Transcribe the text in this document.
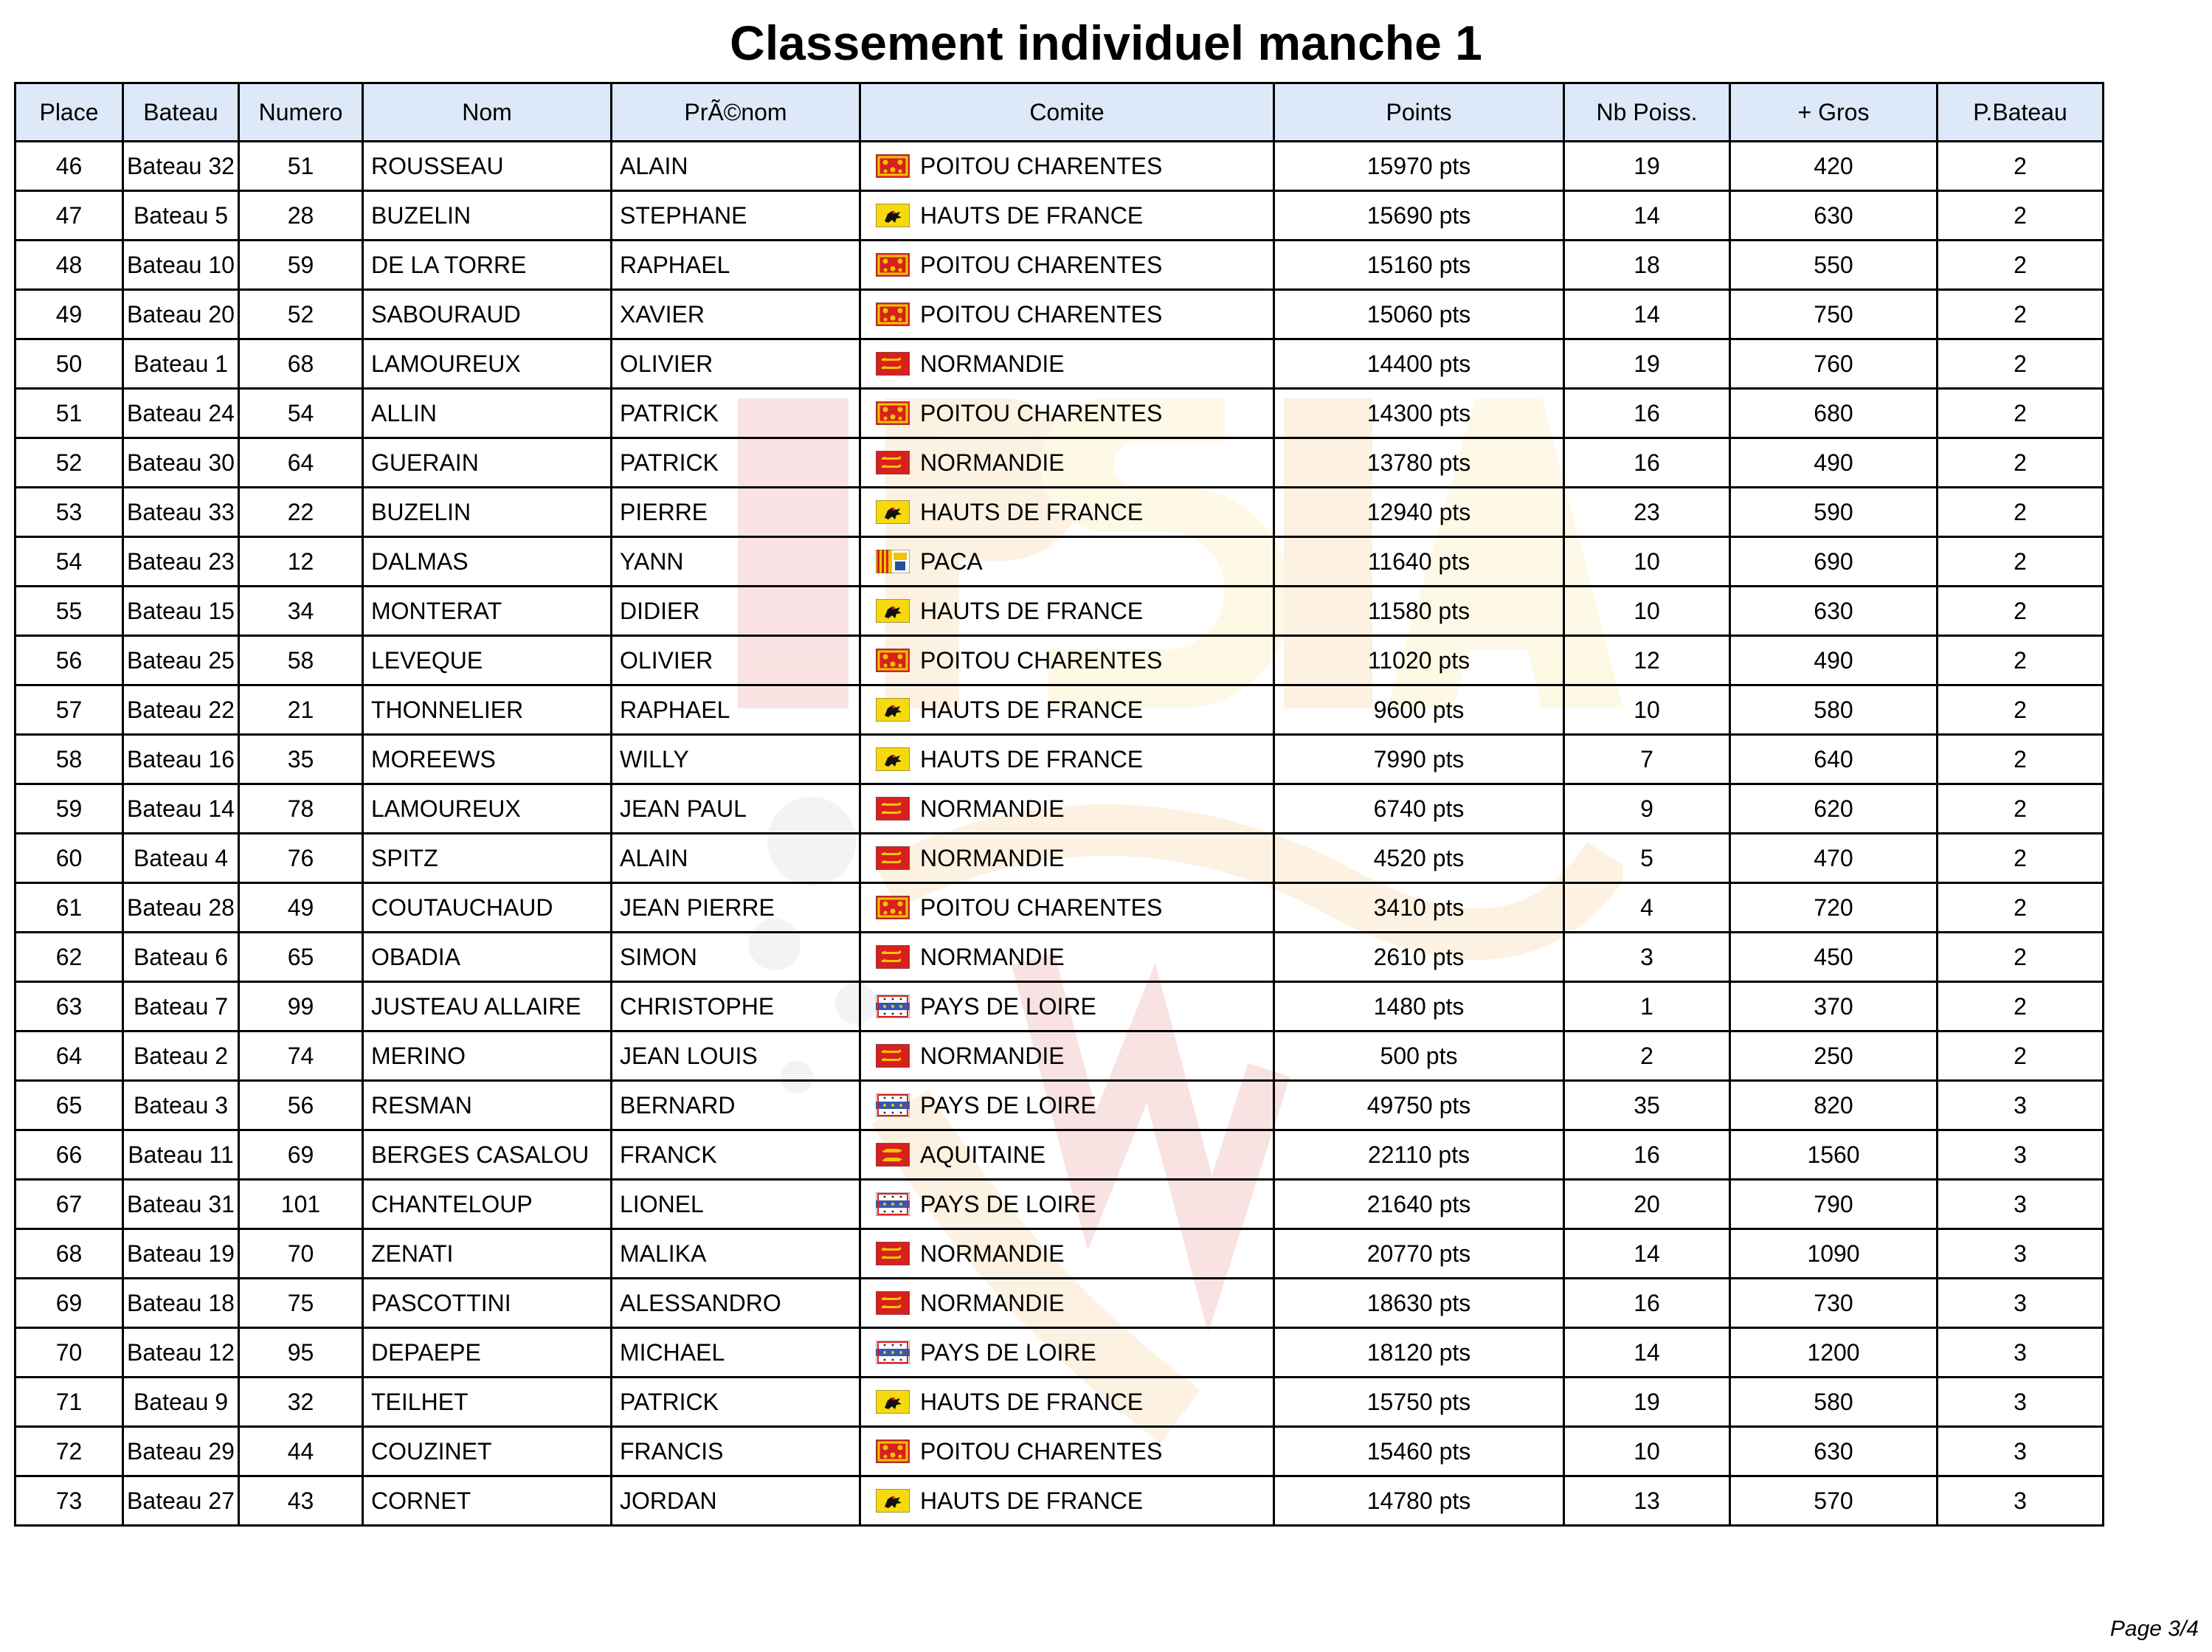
Classement individuel manche 1
Place	Bateau	Numero	Nom	PrÃ©nom	Comite	Points	Nb Poiss.	+ Gros	P.Bateau
46	Bateau 32	51	ROUSSEAU	ALAIN	POITOU CHARENTES	15970 pts	19	420	2
47	Bateau 5	28	BUZELIN	STEPHANE	HAUTS DE FRANCE	15690 pts	14	630	2
48	Bateau 10	59	DE LA TORRE	RAPHAEL	POITOU CHARENTES	15160 pts	18	550	2
49	Bateau 20	52	SABOURAUD	XAVIER	POITOU CHARENTES	15060 pts	14	750	2
50	Bateau 1	68	LAMOUREUX	OLIVIER	NORMANDIE	14400 pts	19	760	2
51	Bateau 24	54	ALLIN	PATRICK	POITOU CHARENTES	14300 pts	16	680	2
52	Bateau 30	64	GUERAIN	PATRICK	NORMANDIE	13780 pts	16	490	2
53	Bateau 33	22	BUZELIN	PIERRE	HAUTS DE FRANCE	12940 pts	23	590	2
54	Bateau 23	12	DALMAS	YANN	PACA	11640 pts	10	690	2
55	Bateau 15	34	MONTERAT	DIDIER	HAUTS DE FRANCE	11580 pts	10	630	2
56	Bateau 25	58	LEVEQUE	OLIVIER	POITOU CHARENTES	11020 pts	12	490	2
57	Bateau 22	21	THONNELIER	RAPHAEL	HAUTS DE FRANCE	9600 pts	10	580	2
58	Bateau 16	35	MOREEWS	WILLY	HAUTS DE FRANCE	7990 pts	7	640	2
59	Bateau 14	78	LAMOUREUX	JEAN PAUL	NORMANDIE	6740 pts	9	620	2
60	Bateau 4	76	SPITZ	ALAIN	NORMANDIE	4520 pts	5	470	2
61	Bateau 28	49	COUTAUCHAUD	JEAN PIERRE	POITOU CHARENTES	3410 pts	4	720	2
62	Bateau 6	65	OBADIA	SIMON	NORMANDIE	2610 pts	3	450	2
63	Bateau 7	99	JUSTEAU ALLAIRE	CHRISTOPHE	PAYS DE LOIRE	1480 pts	1	370	2
64	Bateau 2	74	MERINO	JEAN LOUIS	NORMANDIE	500 pts	2	250	2
65	Bateau 3	56	RESMAN	BERNARD	PAYS DE LOIRE	49750 pts	35	820	3
66	Bateau 11	69	BERGES CASALOU	FRANCK	AQUITAINE	22110 pts	16	1560	3
67	Bateau 31	101	CHANTELOUP	LIONEL	PAYS DE LOIRE	21640 pts	20	790	3
68	Bateau 19	70	ZENATI	MALIKA	NORMANDIE	20770 pts	14	1090	3
69	Bateau 18	75	PASCOTTINI	ALESSANDRO	NORMANDIE	18630 pts	16	730	3
70	Bateau 12	95	DEPAEPE	MICHAEL	PAYS DE LOIRE	18120 pts	14	1200	3
71	Bateau 9	32	TEILHET	PATRICK	HAUTS DE FRANCE	15750 pts	19	580	3
72	Bateau 29	44	COUZINET	FRANCIS	POITOU CHARENTES	15460 pts	10	630	3
73	Bateau 27	43	CORNET	JORDAN	HAUTS DE FRANCE	14780 pts	13	570	3
Page 3/4
